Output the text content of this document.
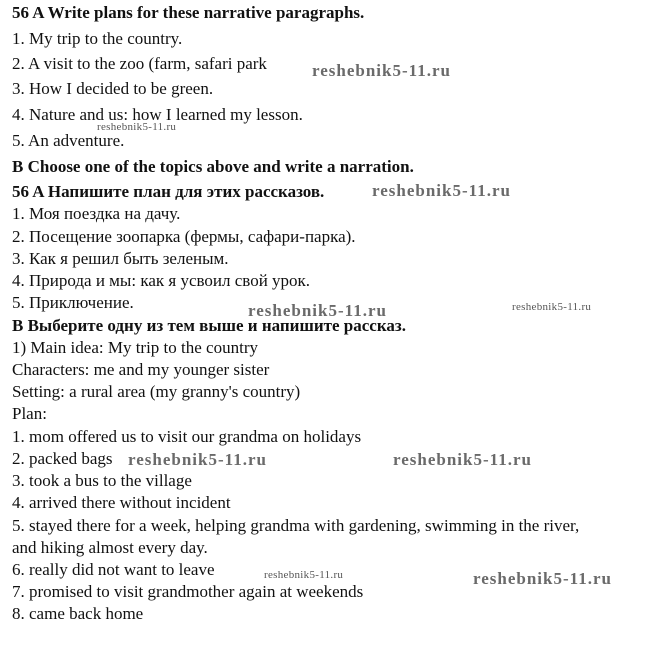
56 A Write plans for these narrative paragraphs.
1. My trip to the country.
2. A visit to the zoo (farm, safari park
3. How I decided to be green.
4. Nature and us: how I learned my lesson.
5. An adventure.
B Choose one of the topics above and write a narration.
56 A Напишите план для этих рассказов.
1. Моя поездка на дачу.
2. Посещение зоопарка (фермы, сафари-парка).
3. Как я решил быть зеленым.
4. Природа и мы: как я усвоил свой урок.
5. Приключение.
B Выберите одну из тем выше и напишите рассказ.
1) Main idea: My trip to the country
Characters: me and my younger sister
Setting: a rural area (my granny's country)
Plan:
1. mom offered us to visit our grandma on holidays
2. packed bags
3. took a bus to the village
4. arrived there without incident
5. stayed there for a week, helping grandma with gardening, swimming in the river,
and hiking almost every day.
6. really did not want to leave
7. promised to visit grandmother again at weekends
8. came back home
reshebnik5-11.ru
reshebnik5-11.ru
reshebnik5-11.ru
reshebnik5-11.ru	reshebnik5-11.ru
reshebnik5-11.ru	reshebnik5-11.ru
reshebnik5-11.ru	reshebnik5-11.ru
